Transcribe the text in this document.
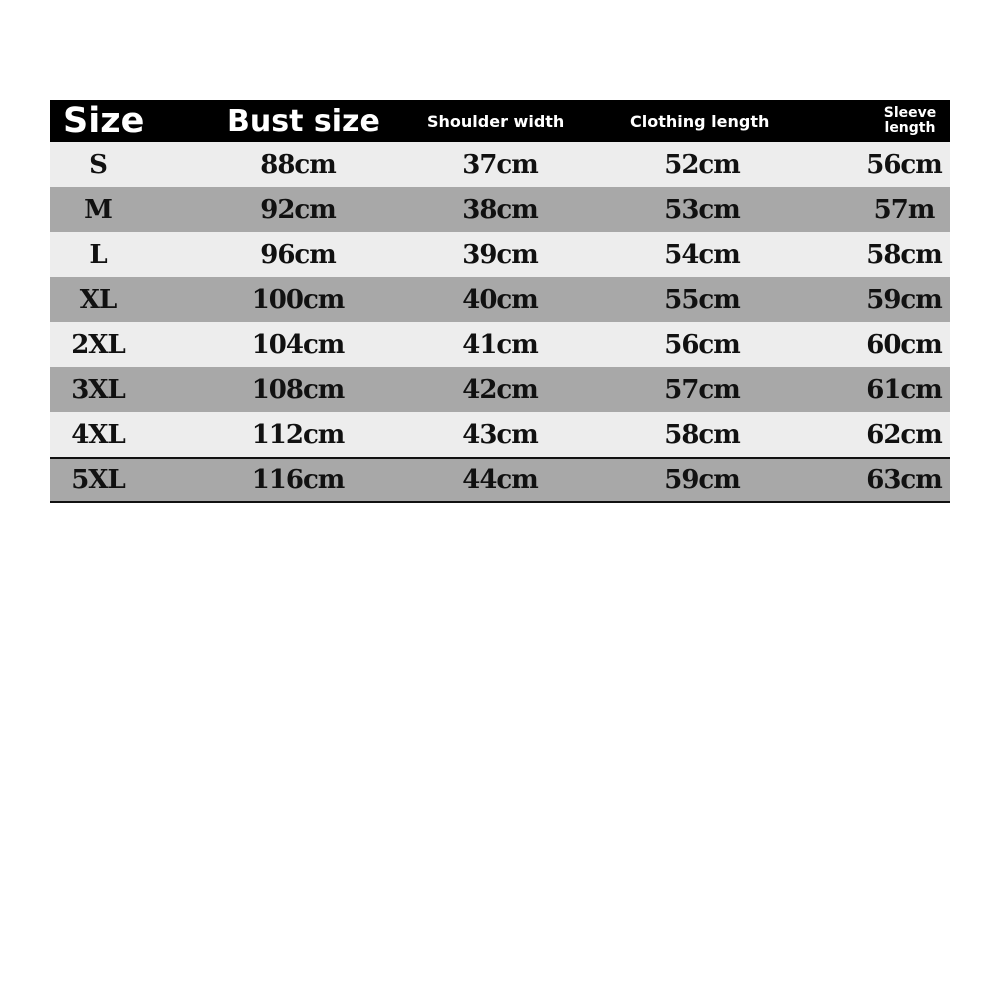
Size	Bust size	Shoulder width	Clothing length	Sleeve
length
S	88cm	37cm	52cm	56cm
M	92cm	38cm	53cm	57m
L	96cm	39cm	54cm	58cm
XL	100cm	40cm	55cm	59cm
2XL	104cm	41cm	56cm	60cm
3XL	108cm	42cm	57cm	61cm
4XL	112cm	43cm	58cm	62cm
5XL	116cm	44cm	59cm	63cm
